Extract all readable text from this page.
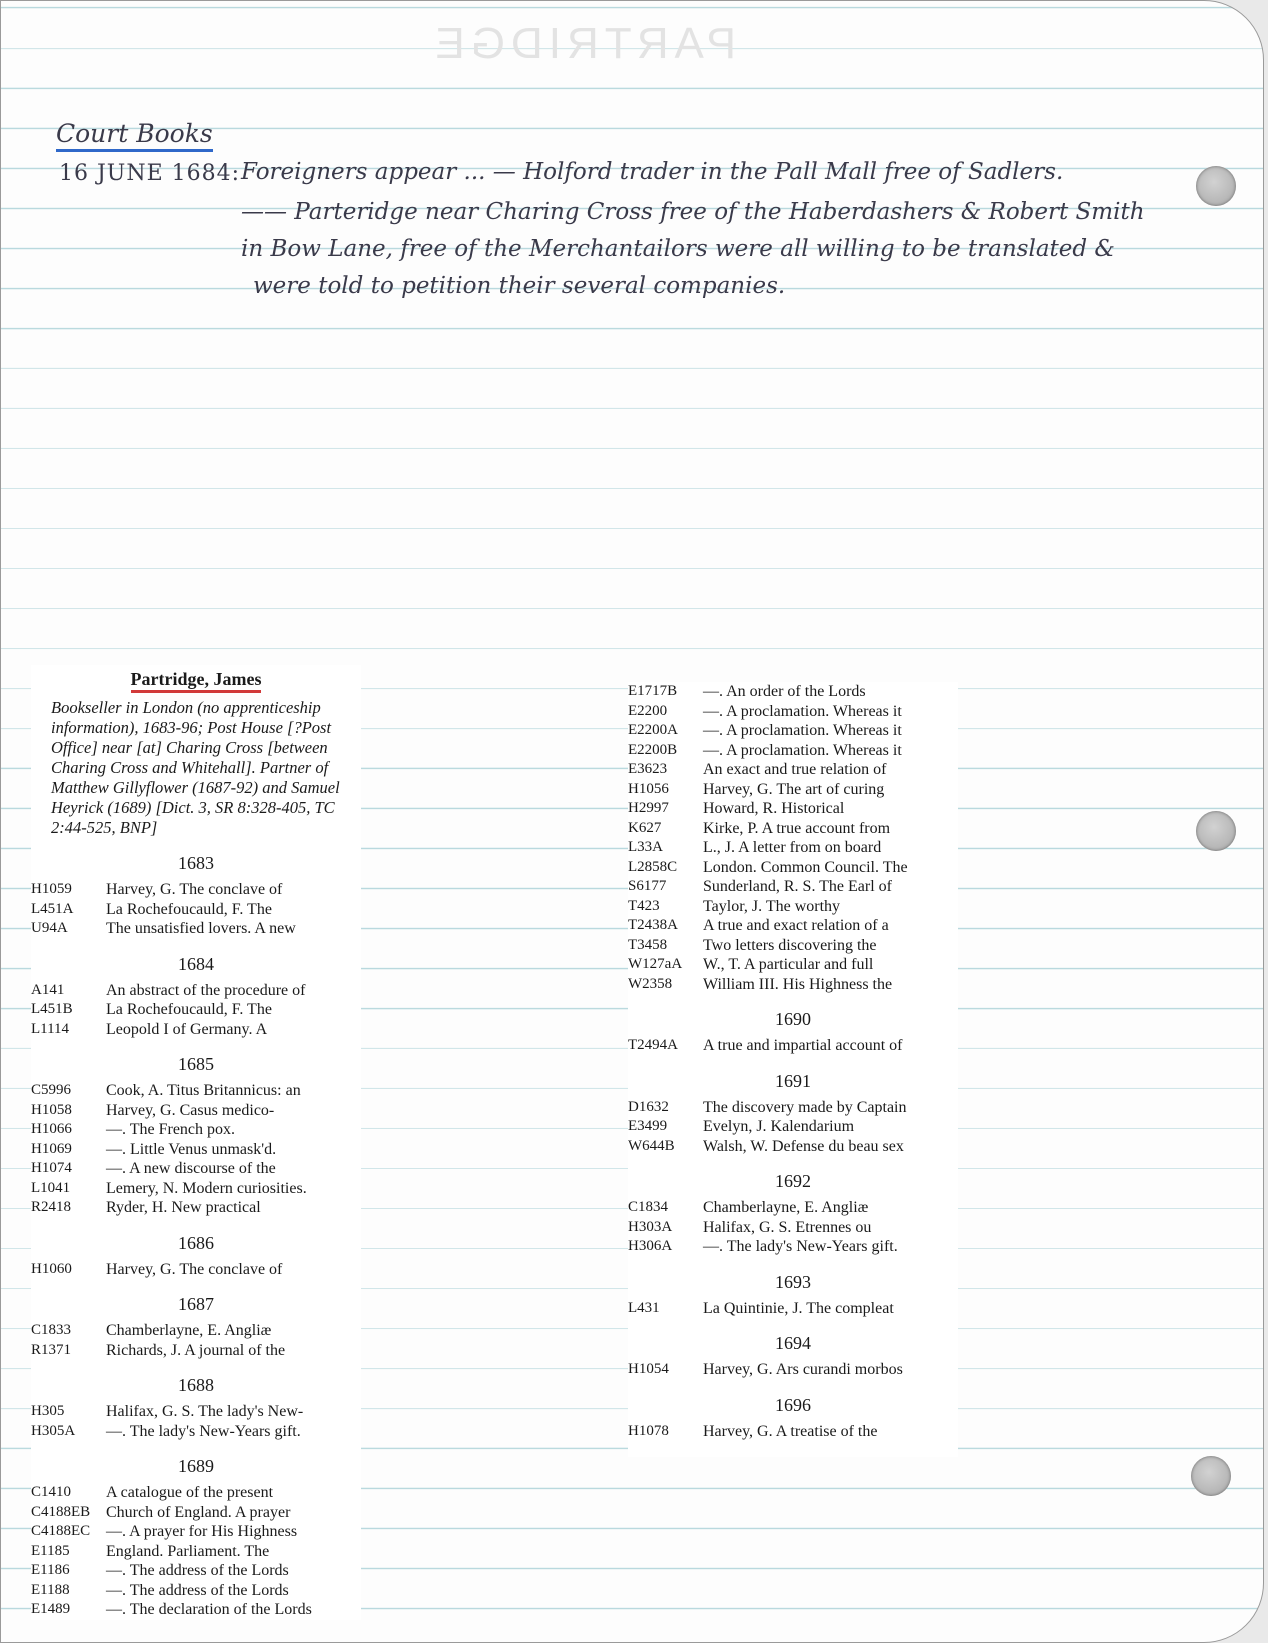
PARTRIDGE
Court Books
16 JUNE 1684: Foreigners appear ... — Holford trader in the Pall Mall free of Sadlers.
—— Parteridge near Charing Cross free of the Haberdashers & Robert Smith
in Bow Lane, free of the Merchantailors were all willing to be translated &
were told to petition their several companies.
Partridge, James
Bookseller in London (no apprenticeship information), 1683-96; Post House [?Post Office] near [at] Charing Cross [between Charing Cross and Whitehall]. Partner of Matthew Gillyflower (1687-92) and Samuel Heyrick (1689) [Dict. 3, SR 8:328-405, TC 2:44-525, BNP]
1683
H1059	Harvey, G. The conclave of
L451A	La Rochefoucauld, F. The
U94A	The unsatisfied lovers. A new
1684
A141	An abstract of the procedure of
L451B	La Rochefoucauld, F. The
L1114	Leopold I of Germany. A
1685
C5996	Cook, A. Titus Britannicus: an
H1058	Harvey, G. Casus medico-
H1066	—. The French pox.
H1069	—. Little Venus unmask'd.
H1074	—. A new discourse of the
L1041	Lemery, N. Modern curiosities.
R2418	Ryder, H. New practical
1686
H1060	Harvey, G. The conclave of
1687
C1833	Chamberlayne, E. Angliæ
R1371	Richards, J. A journal of the
1688
H305	Halifax, G. S. The lady's New-
H305A	—. The lady's New-Years gift.
1689
C1410	A catalogue of the present
C4188EB Church of England. A prayer
C4188EC —. A prayer for His Highness
E1185	England. Parliament. The
E1186	—. The address of the Lords
E1188	—. The address of the Lords
E1489	—. The declaration of the Lords
E1717B	—. An order of the Lords
E2200	—. A proclamation. Whereas it
E2200A	—. A proclamation. Whereas it
E2200B	—. A proclamation. Whereas it
E3623	An exact and true relation of
H1056	Harvey, G. The art of curing
H2997	Howard, R. Historical
K627	Kirke, P. A true account from
L33A	L., J. A letter from on board
L2858C	London. Common Council. The
S6177	Sunderland, R. S. The Earl of
T423	Taylor, J. The worthy
T2438A	A true and exact relation of a
T3458	Two letters discovering the
W127aA	W., T. A particular and full
W2358	William III. His Highness the
1690
T2494A	A true and impartial account of
1691
D1632	The discovery made by Captain
E3499	Evelyn, J. Kalendarium
W644B	Walsh, W. Defense du beau sex
1692
C1834	Chamberlayne, E. Angliæ
H303A	Halifax, G. S. Etrennes ou
H306A	—. The lady's New-Years gift.
1693
L431	La Quintinie, J. The compleat
1694
H1054	Harvey, G. Ars curandi morbos
1696
H1078	Harvey, G. A treatise of the
